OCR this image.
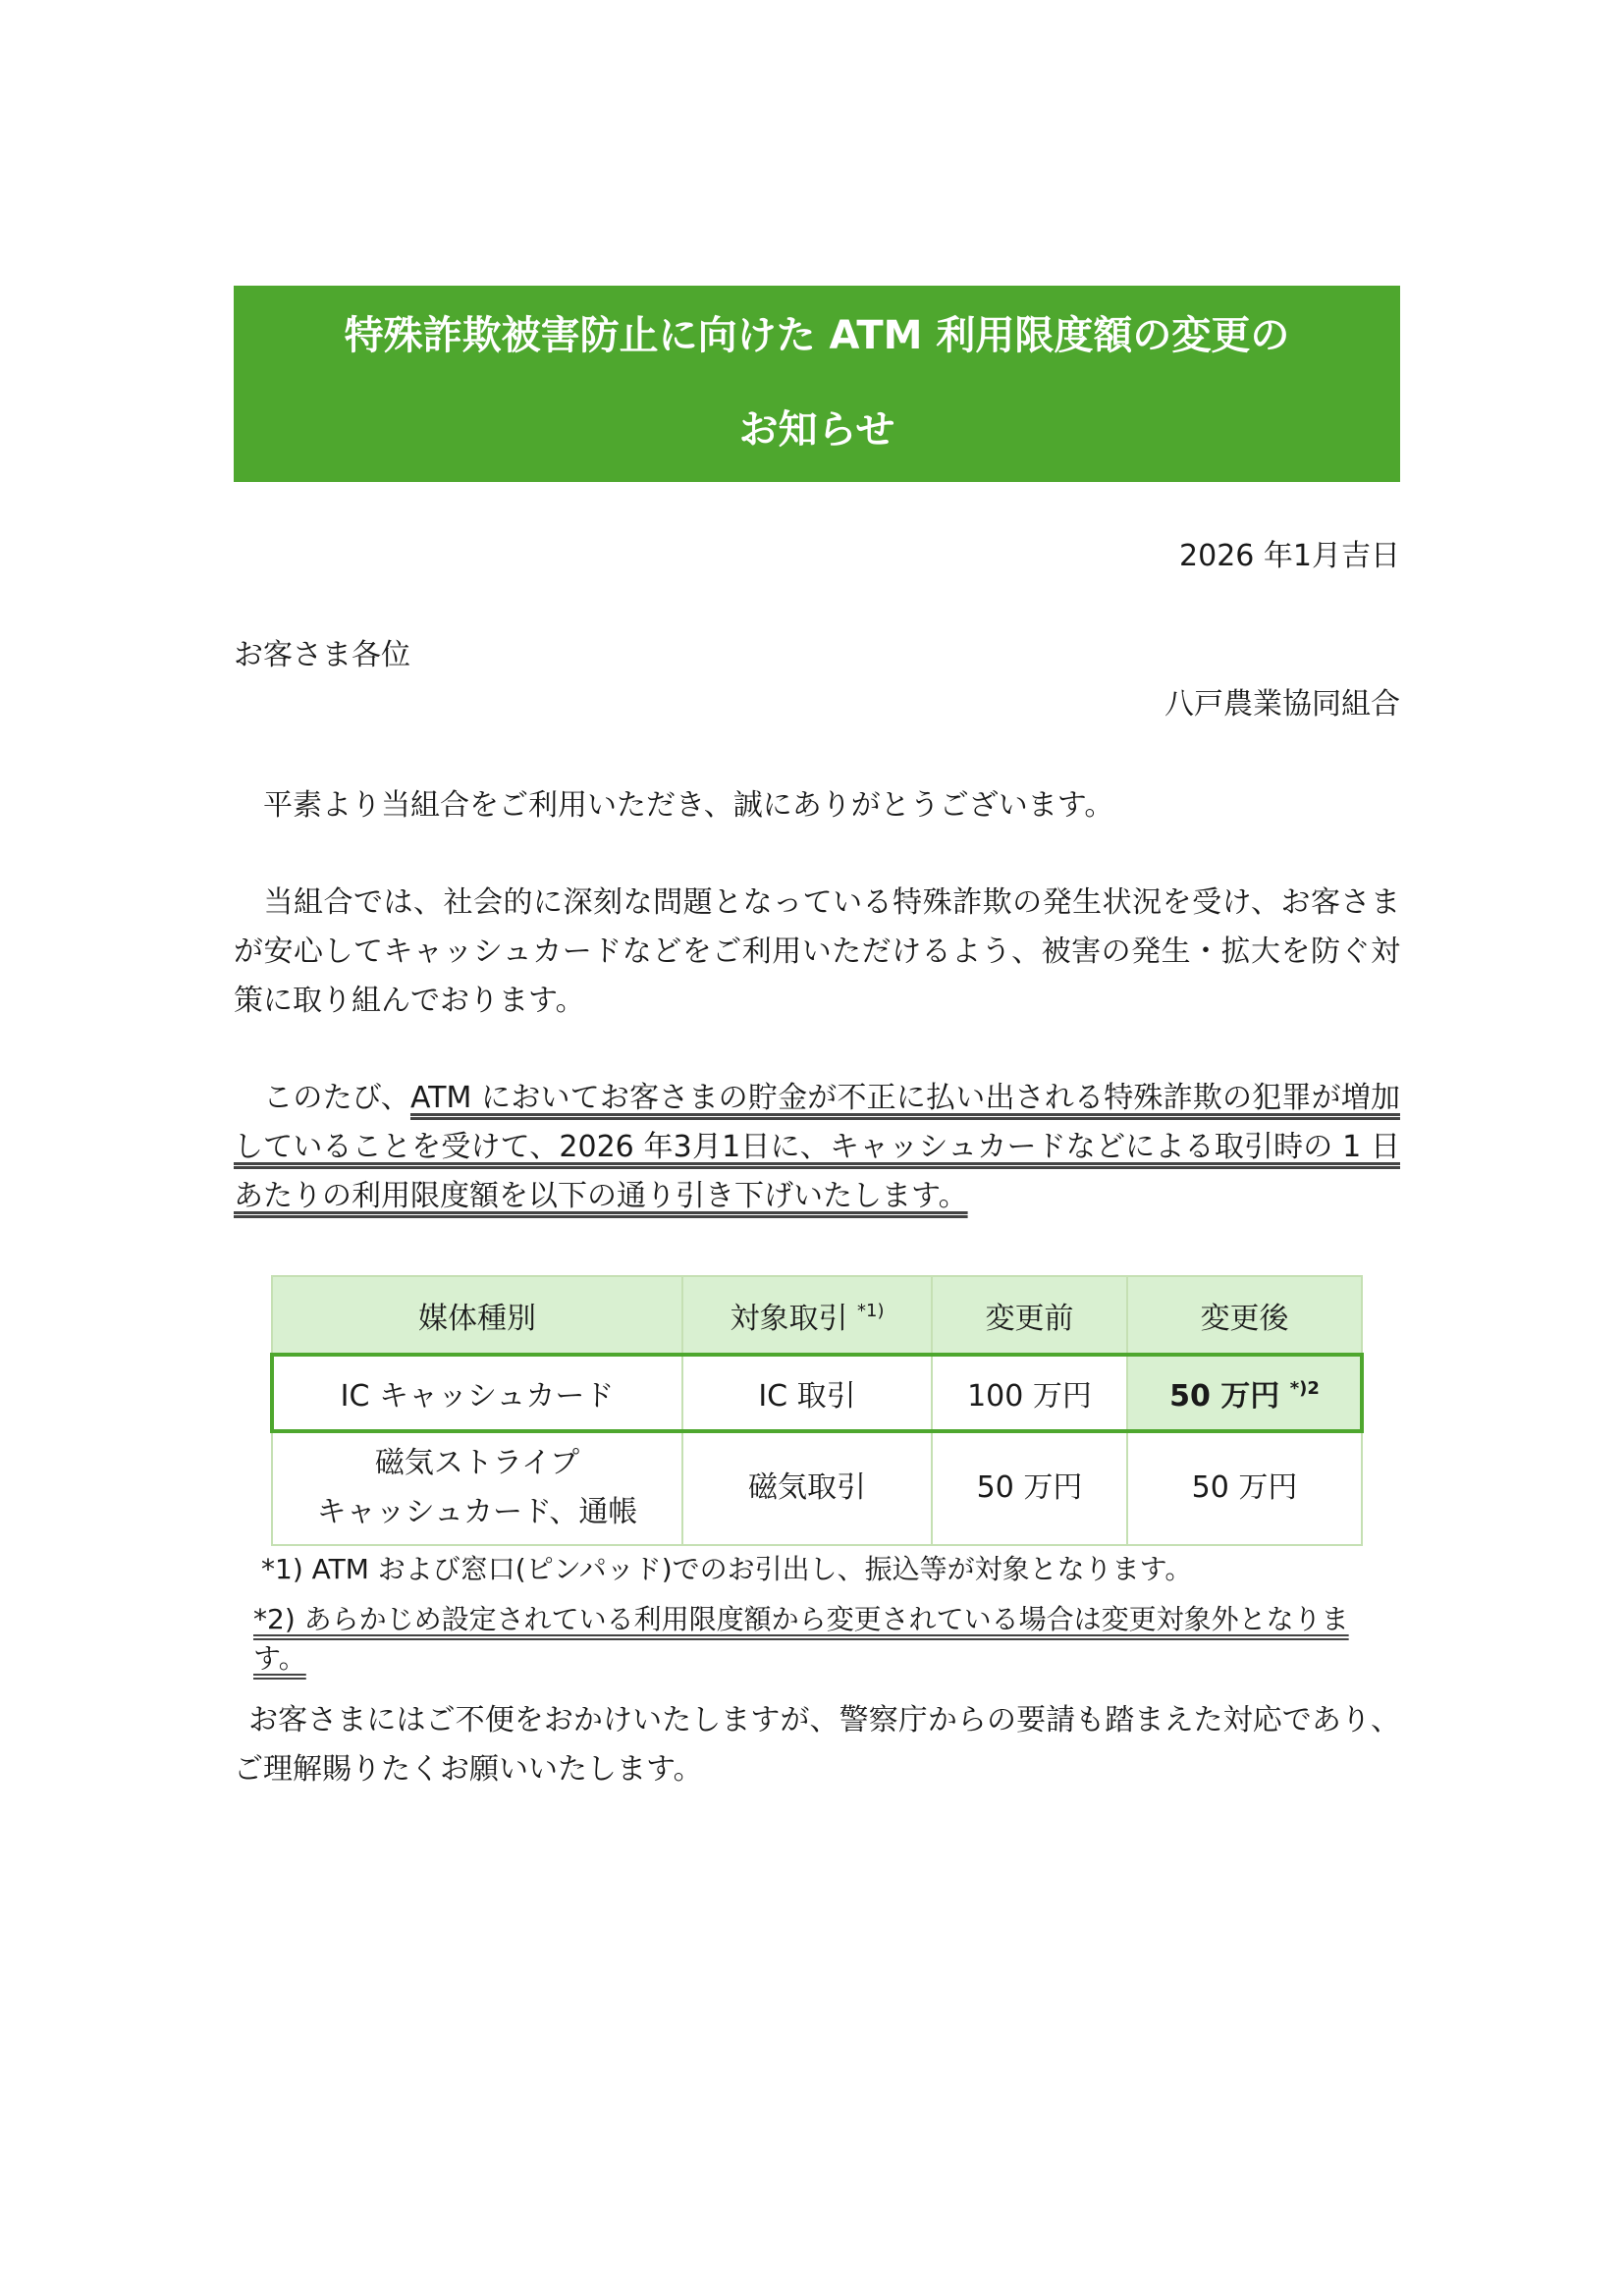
特殊詐欺被害防止に向けた ATM 利用限度額の変更の
お知らせ
2026 年1月吉日
お客さま各位
八戸農業協同組合

 平素より当組合をご利用いただき、誠にありがとうございます。

 当組合では、社会的に深刻な問題となっている特殊詐欺の発生状況を受け、お客さまが安心してキャッシュカードなどをご利用いただけるよう、被害の発生・拡大を防ぐ対策に取り組んでおります。

 このたび、ATM においてお客さまの貯金が不正に払い出される特殊詐欺の犯罪が増加していることを受けて、2026 年3月1日に、キャッシュカードなどによる取引時の 1 日あたりの利用限度額を以下の通り引き下げいたします。

媒体種別	対象取引 $^{*1)}$	変更前	変更後
IC キャッシュカード	IC 取引	100 万円	50 万円 $^{*)2}$

磁気ストライプ
キャッシュカード、通帳	磁気取引	50 万円	50 万円
*1) ATM および窓口(ピンパッド)でのお引出し、振込等が対象となります。
*2) あらかじめ設定されている利用限度額から変更されている場合は変更対象外となります。

 お客さまにはご不便をおかけいたしますが、警察庁からの要請も踏まえた対応であり、ご理解賜りたくお願いいたします。
